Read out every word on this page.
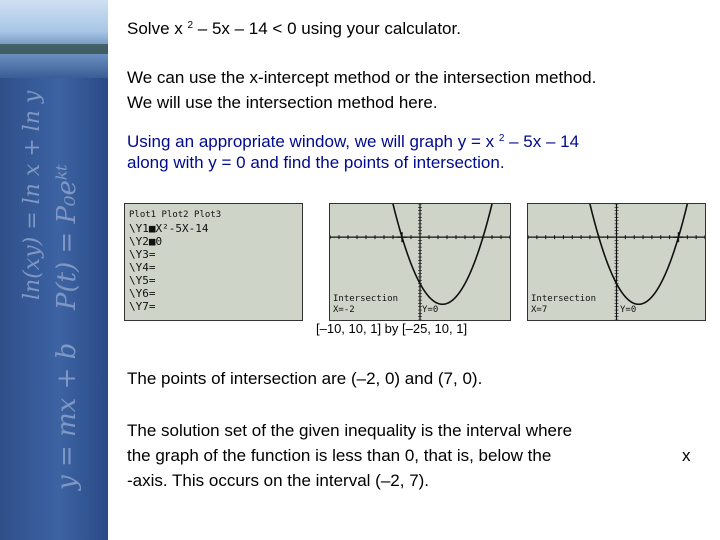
ln(xy) = ln x + ln y P(t) = P₀eᵏᵗ
y = mx + b
Solve x $^2$ – 5x – 14 < 0 using your calculator.
We can use the x-intercept method or the intersection method.
We will use the intersection method here.
Using an appropriate window, we will graph y = x $^2$ – 5x – 14
along with y = 0 and find the points of intersection.
Plot1 Plot2 Plot3
\Y1■X²-5X-14
\Y2■0
\Y3=
\Y4=
\Y5=
\Y6=
\Y7=
Intersection
X=-2	Y=0
Intersection
X=7	Y=0
[–10, 10, 1] by [–25, 10, 1]
The points of intersection are (–2, 0) and (7, 0).
The solution set of the given inequality is the interval where
the graph of the function is less than 0, that is, below the	x
-axis. This occurs on the interval (–2, 7).
